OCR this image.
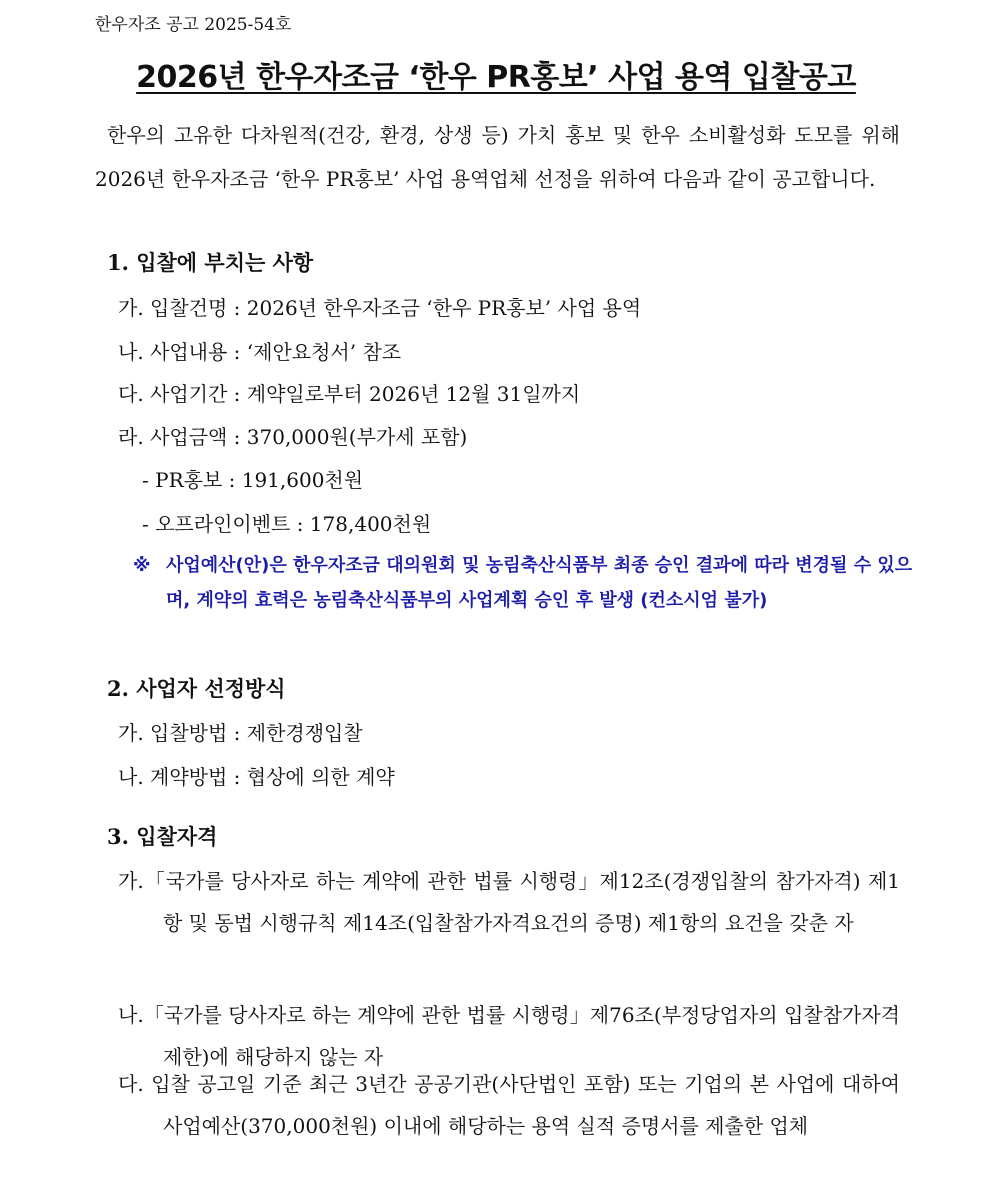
한우자조 공고 2025-54호
2026년 한우자조금 ‘한우 PR홍보’ 사업 용역 입찰공고
한우의 고유한 다차원적(건강, 환경, 상생 등) 가치 홍보 및 한우 소비활성화 도모를 위해 2026년 한우자조금 ‘한우 PR홍보’ 사업 용역업체 선정을 위하여 다음과 같이 공고합니다.
1. 입찰에 부치는 사항
가. 입찰건명 : 2026년 한우자조금 ‘한우 PR홍보’ 사업 용역
나. 사업내용 : ‘제안요청서’ 참조
다. 사업기간 : 계약일로부터 2026년 12월 31일까지
라. 사업금액 : 370,000원(부가세 포함)
- PR홍보 : 191,600천원
- 오프라인이벤트 : 178,400천원
※ 사업예산(안)은 한우자조금 대의원회 및 농림축산식품부 최종 승인 결과에 따라 변경될 수 있으며, 계약의 효력은 농림축산식품부의 사업계획 승인 후 발생 (컨소시엄 불가)
2. 사업자 선정방식
가. 입찰방법 : 제한경쟁입찰
나. 계약방법 : 협상에 의한 계약
3. 입찰자격
가.「국가를 당사자로 하는 계약에 관한 법률 시행령」제12조(경쟁입찰의 참가자격) 제1항 및 동법 시행규칙 제14조(입찰참가자격요건의 증명) 제1항의 요건을 갖춘 자
나.「국가를 당사자로 하는 계약에 관한 법률 시행령」제76조(부정당업자의 입찰참가자격 제한)에 해당하지 않는 자
다. 입찰 공고일 기준 최근 3년간 공공기관(사단법인 포함) 또는 기업의 본 사업에 대하여 사업예산(370,000천원) 이내에 해당하는 용역 실적 증명서를 제출한 업체
